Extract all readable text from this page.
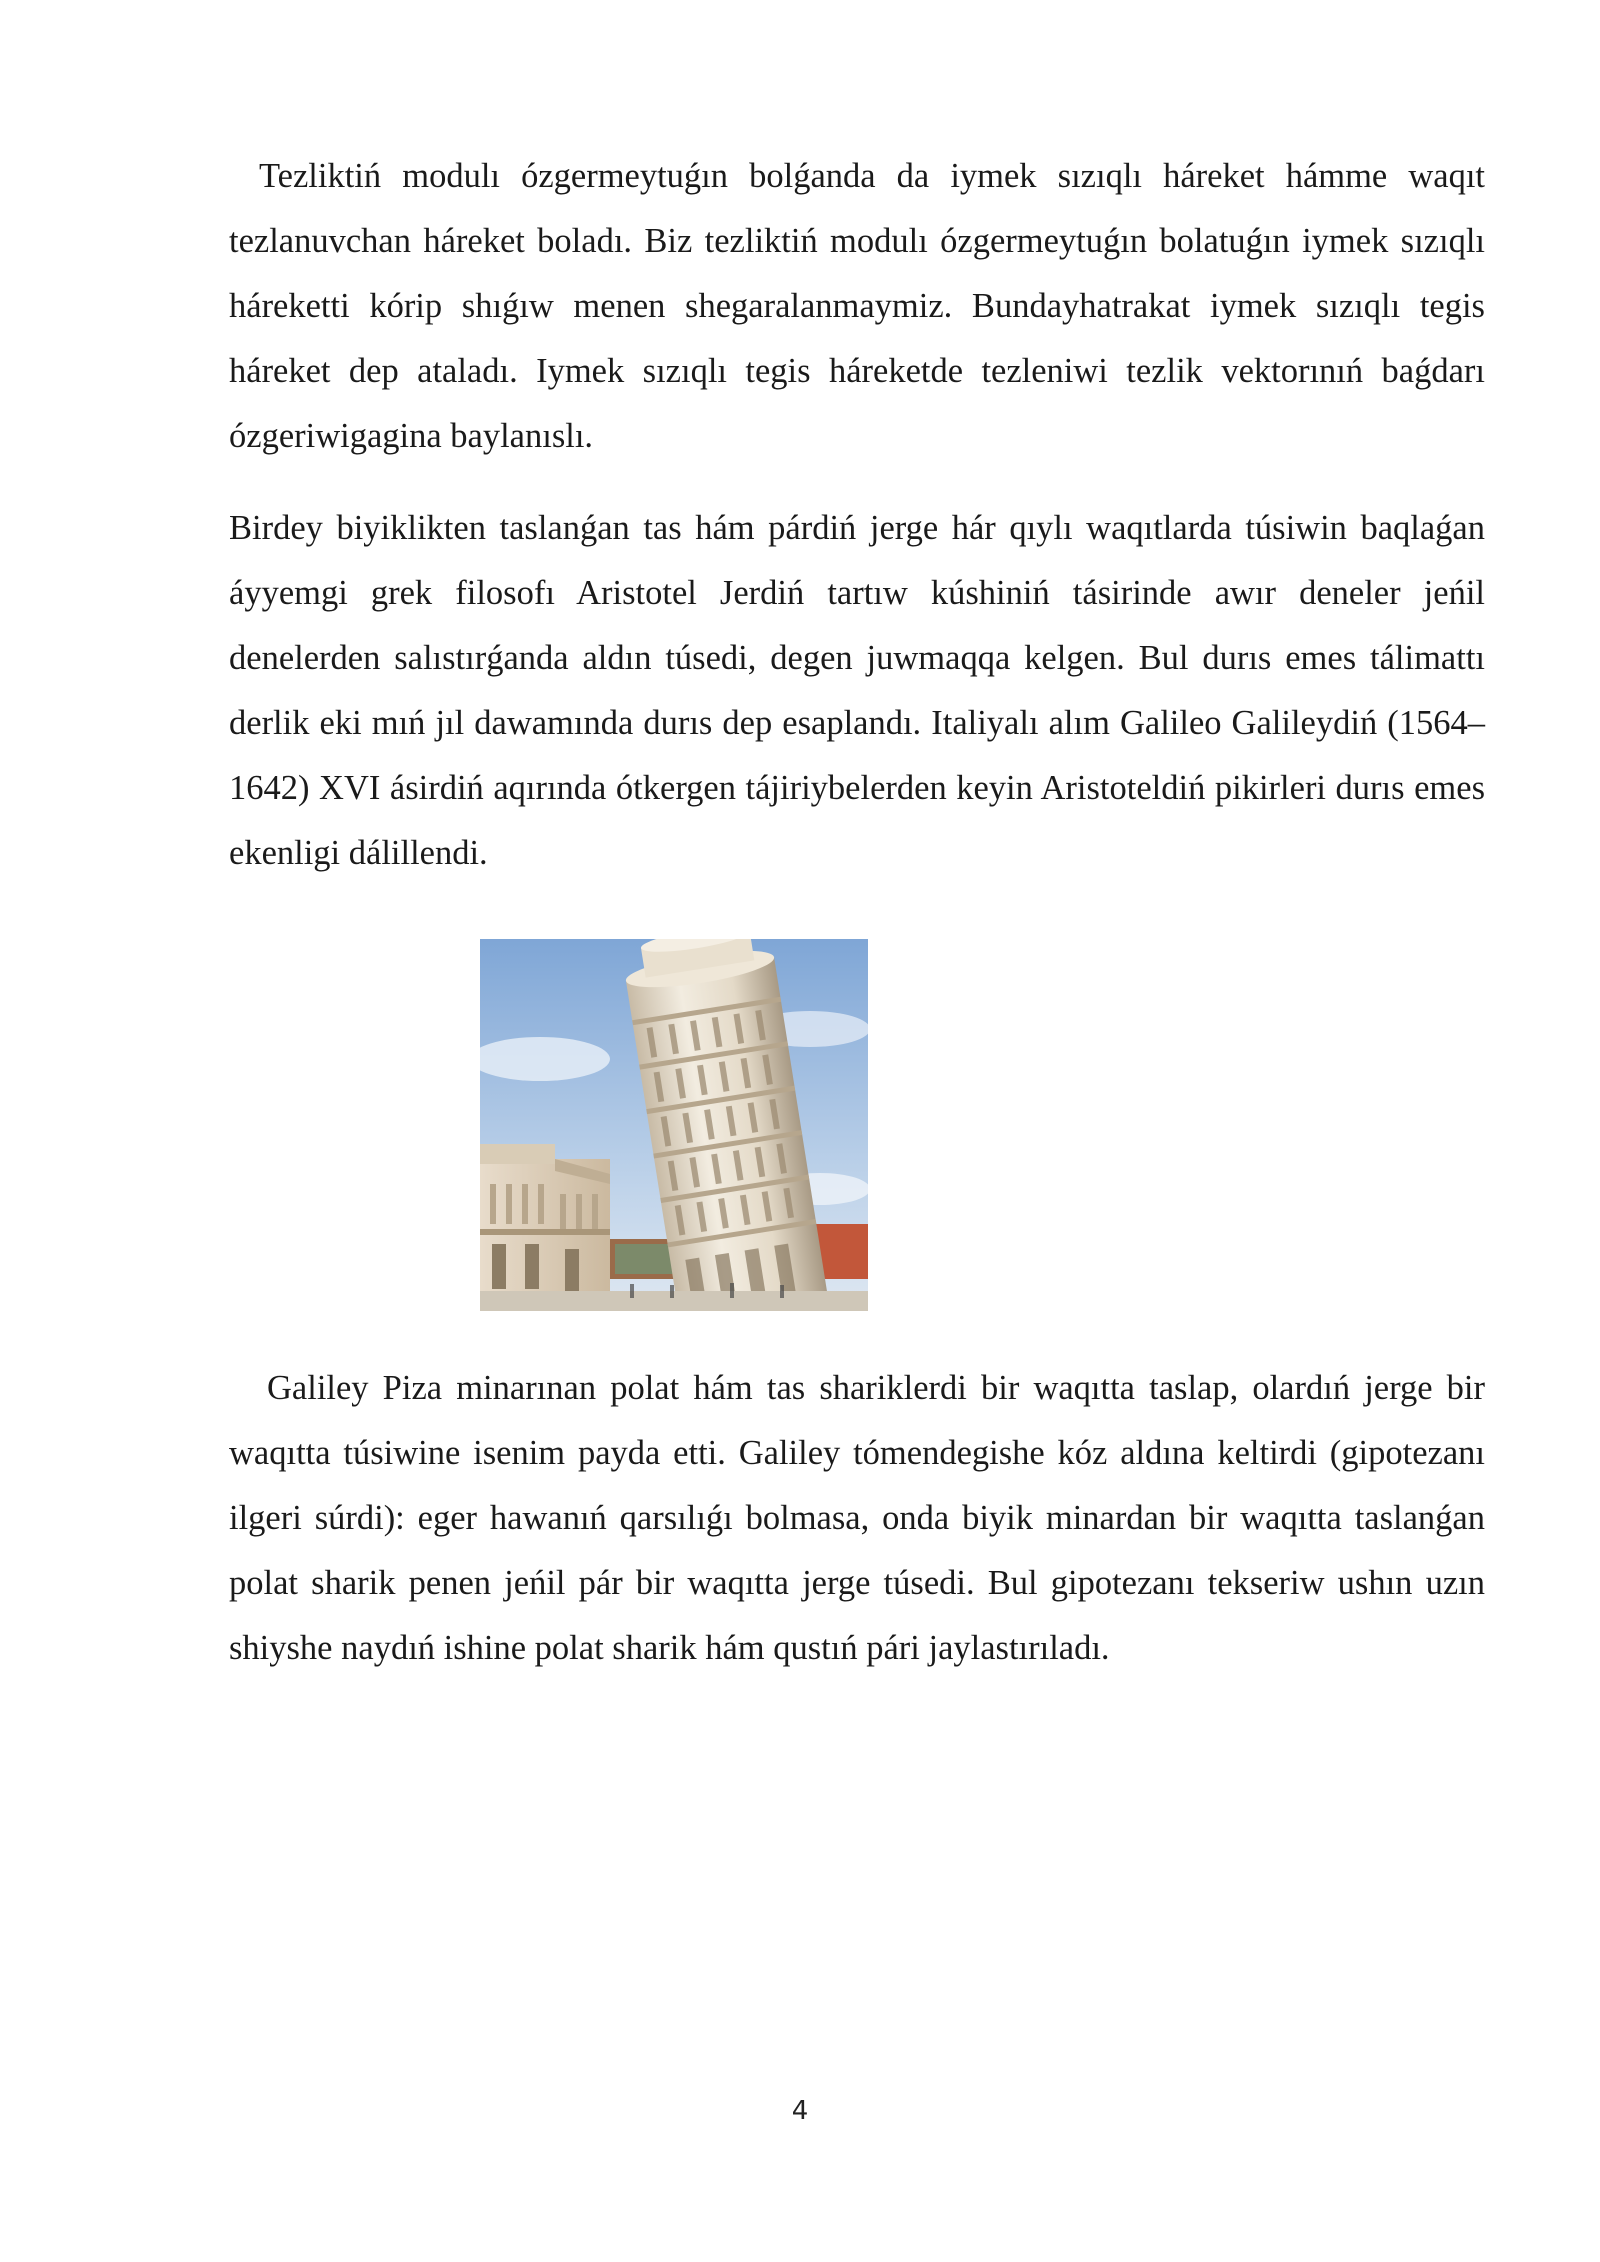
Tezliktiń modulı ózgermeytuǵın bolǵanda da iymek sızıqlı háreket hámme waqıt tezlanuvchan háreket boladı. Biz tezliktiń modulı ózgermeytuǵın bolatuǵın iymek sızıqlı hárekettі kórip shıǵıw menen shegaralanmaymiz. Bundayhatrakat iymek sızıqlı tegis háreket dep ataladı. Iymek sızıqlı tegis háreketde tezleniwi tezlik vektorınıń baǵdarı ózgeriwigagina baylanıslı.

Birdey biyiklikten taslanǵan tas hám párdiń jerge hár qıylı waqıtlarda túsiwin baqlaǵan áyyemgi grek filosofı Aristotel Jerdiń tartıw kúshiniń tásirinde awır deneler jeńil denelerden salıstırǵanda aldın túsedi, degen juwmaqqa kelgen. Bul durıs emes tálimattı derlik eki mıń jıl dawamında durıs dep esaplandı. Italiyalı alım Galileo Galileydiń (1564–1642) XVI ásirdiń aqırında ótkergen tájiriybelerden keyin Aristoteldiń pikirleri durıs emes ekenligi dálillendi.

Galiley Piza minarınan polat hám tas shariklerdi bir waqıtta taslap, olardıń jerge bir waqıtta túsiwine isenim payda etti. Galiley tómendegishe kóz aldına keltirdi (gipotezanı ilgeri súrdi): eger hawanıń qarsılıǵı bolmasa, onda biyik minardan bir waqıtta taslanǵan polat sharik penen jeńil pár bir waqıtta jerge túsedi. Bul gipotezanı tekseriw ushın uzın shiyshe naydıń ishine polat sharik hám qustıń pári jaylastırıladı.

4
